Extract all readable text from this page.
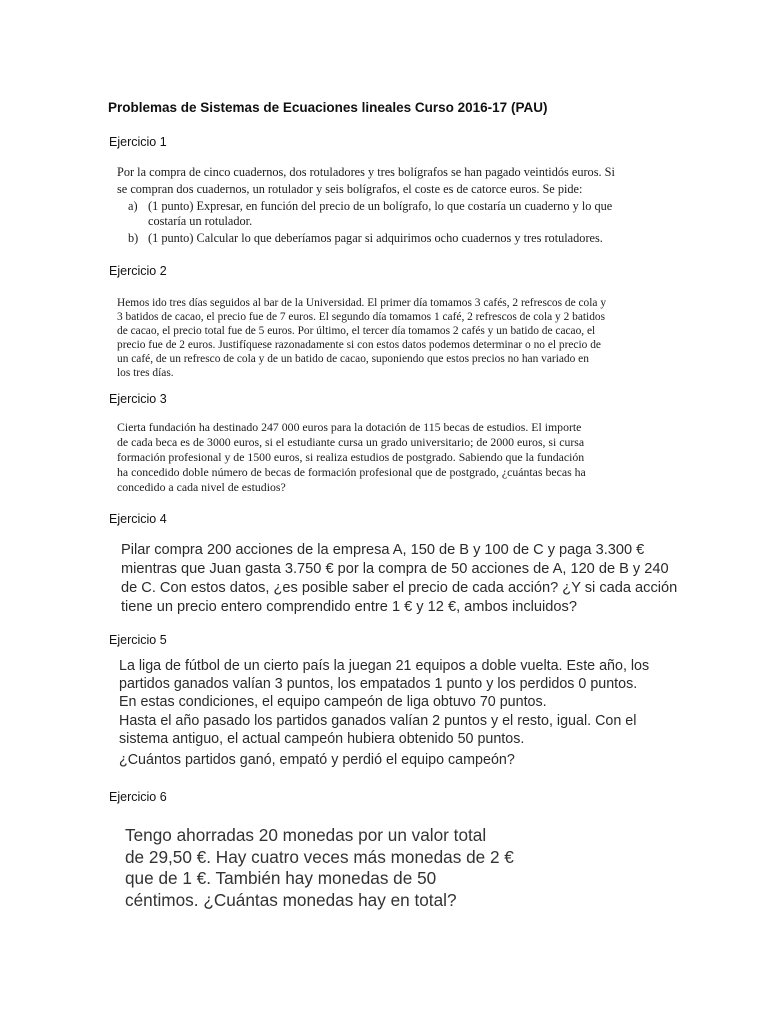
Problemas de Sistemas de Ecuaciones lineales Curso 2016-17 (PAU)
Ejercicio 1
Por la compra de cinco cuadernos, dos rotuladores y tres bolígrafos se han pagado veintidós euros. Si
se compran dos cuadernos, un rotulador y seis bolígrafos, el coste es de catorce euros. Se pide:
a) (1 punto) Expresar, en función del precio de un bolígrafo, lo que costaría un cuaderno y lo que
costaría un rotulador.
b) (1 punto) Calcular lo que deberíamos pagar si adquirimos ocho cuadernos y tres rotuladores.
Ejercicio 2
Hemos ido tres días seguidos al bar de la Universidad. El primer día tomamos 3 cafés, 2 refrescos de cola y
3 batidos de cacao, el precio fue de 7 euros. El segundo día tomamos 1 café, 2 refrescos de cola y 2 batidos
de cacao, el precio total fue de 5 euros. Por último, el tercer día tomamos 2 cafés y un batido de cacao, el
precio fue de 2 euros. Justifíquese razonadamente si con estos datos podemos determinar o no el precio de
un café, de un refresco de cola y de un batido de cacao, suponiendo que estos precios no han variado en
los tres días.
Ejercicio 3
Cierta fundación ha destinado 247 000 euros para la dotación de 115 becas de estudios. El importe
de cada beca es de 3000 euros, si el estudiante cursa un grado universitario; de 2000 euros, si cursa
formación profesional y de 1500 euros, si realiza estudios de postgrado. Sabiendo que la fundación
ha concedido doble número de becas de formación profesional que de postgrado, ¿cuántas becas ha
concedido a cada nivel de estudios?
Ejercicio 4
Pilar compra 200 acciones de la empresa A, 150 de B y 100 de C y paga 3.300 €
mientras que Juan gasta 3.750 € por la compra de 50 acciones de A, 120 de B y 240
de C. Con estos datos, ¿es posible saber el precio de cada acción? ¿Y si cada acción
tiene un precio entero comprendido entre 1 € y 12 €, ambos incluidos?
Ejercicio 5
La liga de fútbol de un cierto país la juegan 21 equipos a doble vuelta. Este año, los
partidos ganados valían 3 puntos, los empatados 1 punto y los perdidos 0 puntos.
En estas condiciones, el equipo campeón de liga obtuvo 70 puntos.
Hasta el año pasado los partidos ganados valían 2 puntos y el resto, igual. Con el
sistema antiguo, el actual campeón hubiera obtenido 50 puntos.
¿Cuántos partidos ganó, empató y perdió el equipo campeón?
Ejercicio 6
Tengo ahorradas 20 monedas por un valor total
de 29,50 €. Hay cuatro veces más monedas de 2 €
que de 1 €. También hay monedas de 50
céntimos. ¿Cuántas monedas hay en total?
